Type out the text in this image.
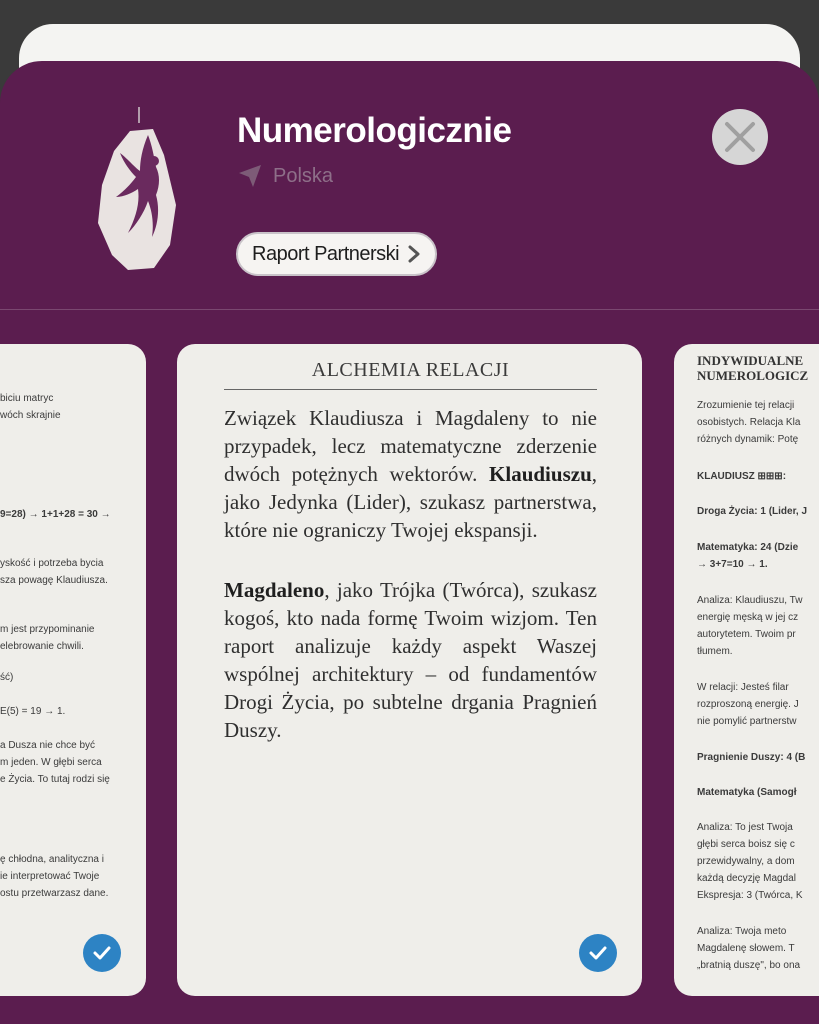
Numerologicznie
Polska
Raport Partnerski
biciu matryc
wóch skrajnie
9=28) → 1+1+28 = 30 →
yskość i potrzeba bycia
sza powagę Klaudiusza.
m jest przypominanie
elebrowanie chwili.
ść)
E(5) = 19 → 1.
a Dusza nie chce być
m jeden. W głębi serca
e Życia. To tutaj rodzi się
ę chłodna, analityczna i
ie interpretować Twoje
ostu przetwarzasz dane.
ALCHEMIA RELACJI

Związek Klaudiusza i Magdaleny to nie przypadek, lecz matematyczne zderzenie dwóch potężnych wektorów. Klaudiuszu, jako Jedynka (Lider), szukasz partnerstwa, które nie ograniczy Twojej ekspansji.

Magdaleno, jako Trójka (Twórca), szukasz kogoś, kto nada formę Twoim wizjom. Ten raport analizuje każdy aspekt Waszej wspólnej architektury – od fundamentów Drogi Życia, po subtelne drgania Pragnień Duszy.

INDYWIDUALNE
NUMEROLOGICZ
Zrozumienie tej relacji
osobistych. Relacja Kla
różnych dynamik: Potę
KLAUDIUSZ ⊞⊞⊞:
Droga Życia: 1 (Lider, J
Matematyka: 24 (Dzie
→ 3+7=10 → 1.
Analiza: Klaudiuszu, Tw
energię męską w jej cz
autorytetem. Twoim pr
tłumem.
W relacji: Jesteś filar
rozproszoną energię. J
nie pomylić partnerstw
Pragnienie Duszy: 4 (B
Matematyka (Samogł
Analiza: To jest Twoja
głębi serca boisz się c
przewidywalny, a dom
każdą decyzję Magdal
Ekspresja: 3 (Twórca, K
Analiza: Twoja meto
Magdalenę słowem. T
„bratnią duszę", bo ona
